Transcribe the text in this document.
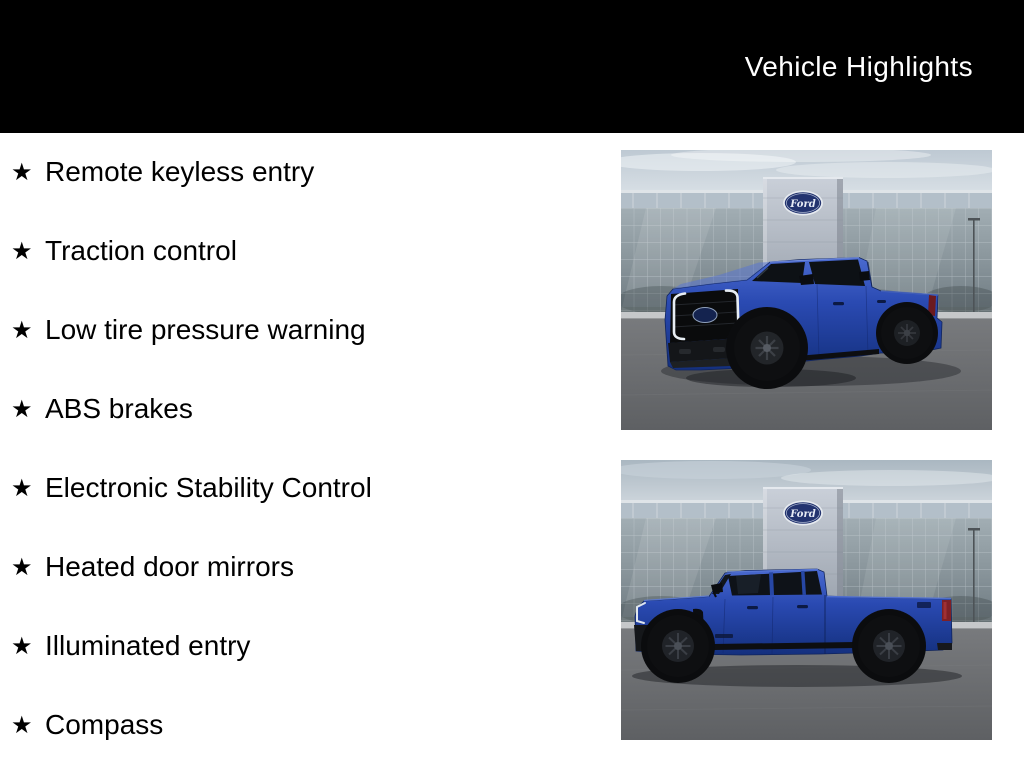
Vehicle Highlights
★ Remote keyless entry
★ Traction control
★ Low tire pressure warning
★ ABS brakes
★ Electronic Stability Control
★ Heated door mirrors
★ Illuminated entry
★ Compass
Ford
Ford
